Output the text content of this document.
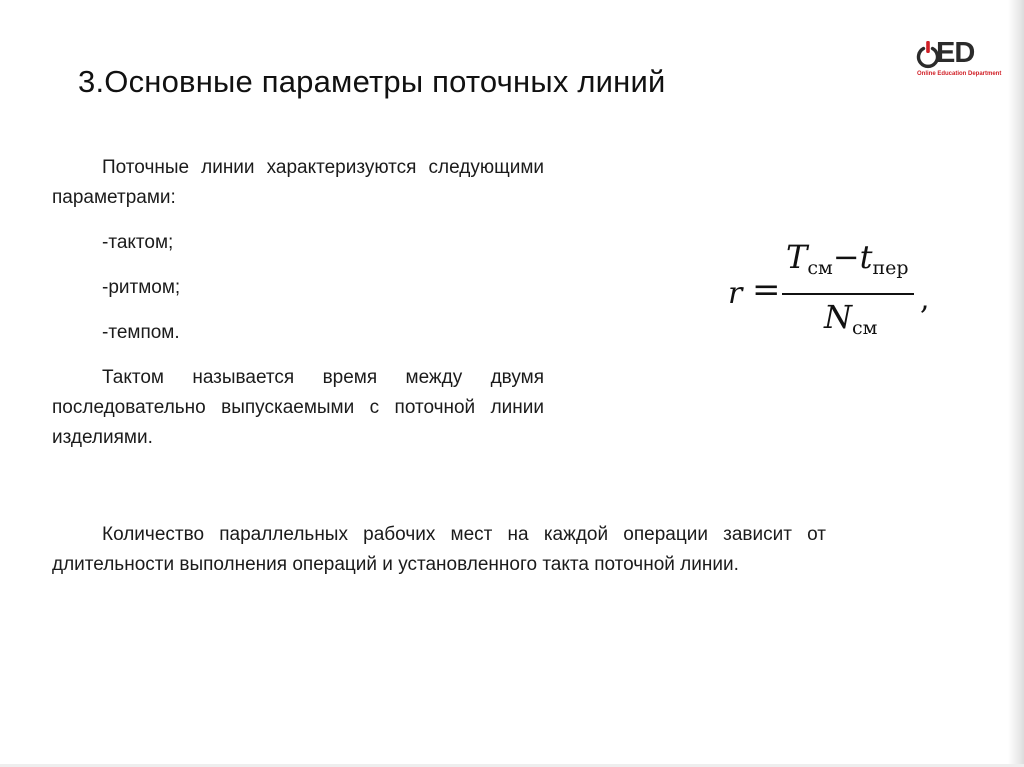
3.Основные параметры поточных линий
ED
Online Education Department

Поточные линии характеризуются следующими параметрами:

-тактом;

-ритмом;

-темпом.

Тактом называется время между двумя последовательно выпускаемыми с поточной линии изделиями.

r =
Tсм−tпер
Nсм
,

Количество параллельных рабочих мест на каждой операции зависит от длительности выполнения операций и установленного такта поточной линии.
